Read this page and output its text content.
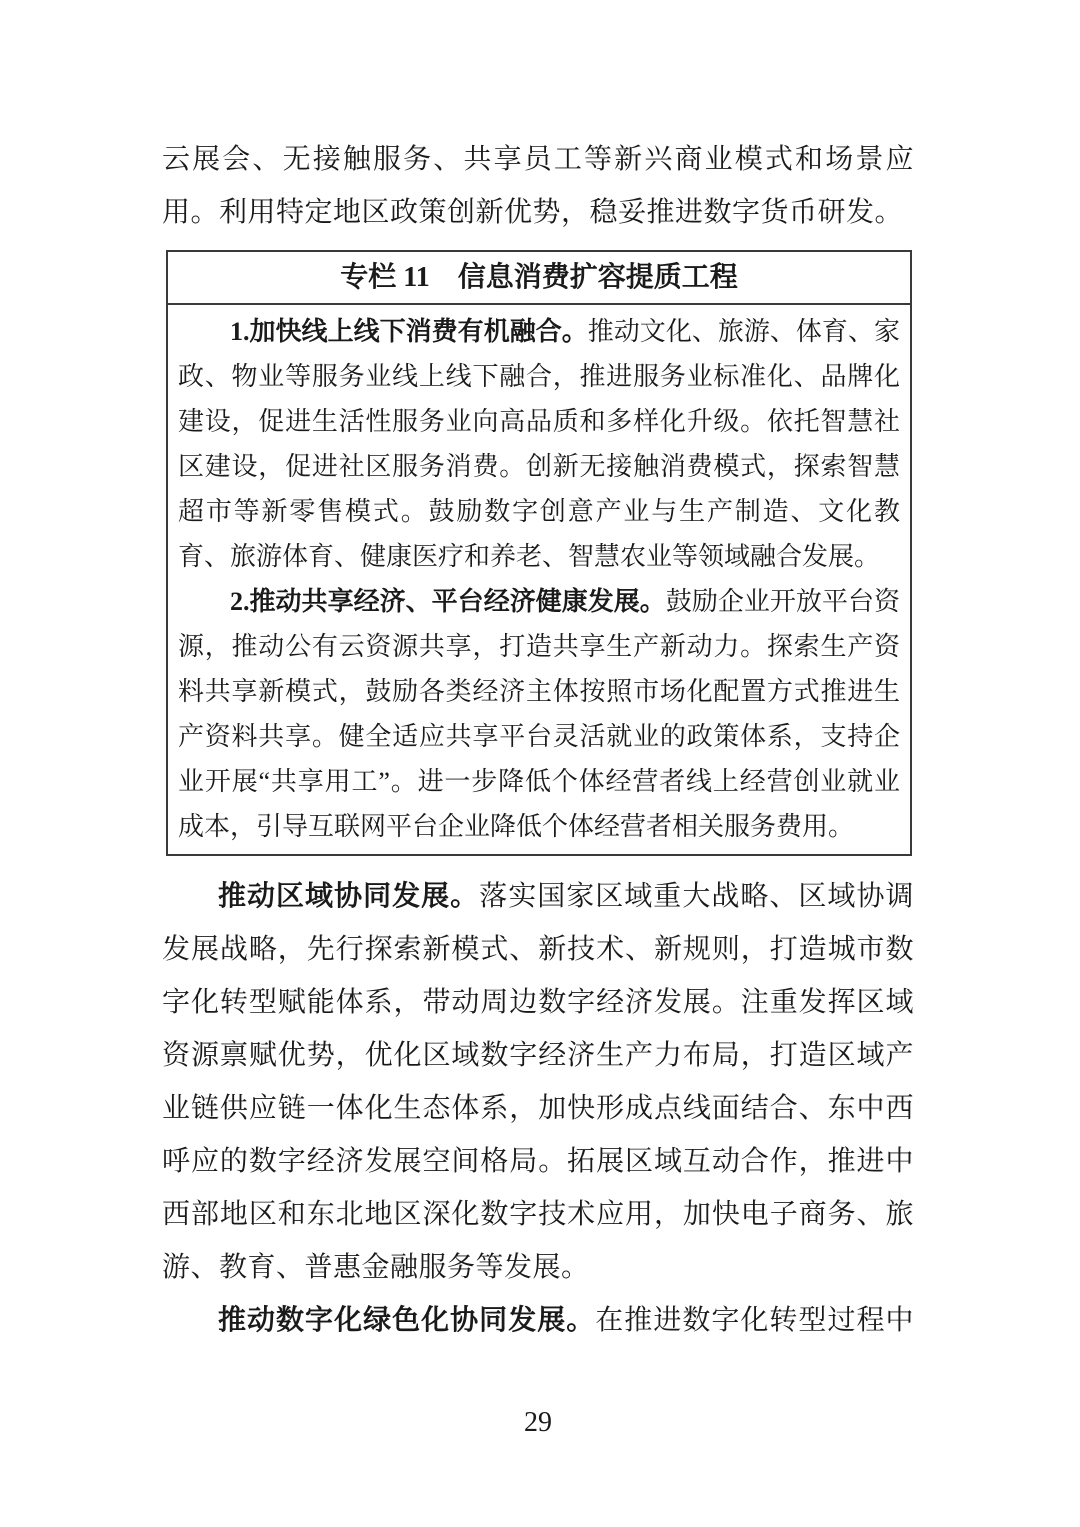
云展会、无接触服务、共享员工等新兴商业模式和场景应用。利用特定地区政策创新优势，稳妥推进数字货币研发。

专栏 11　信息消费扩容提质工程

1.加快线上线下消费有机融合。推动文化、旅游、体育、家政、物业等服务业线上线下融合，推进服务业标准化、品牌化建设，促进生活性服务业向高品质和多样化升级。依托智慧社区建设，促进社区服务消费。创新无接触消费模式，探索智慧超市等新零售模式。鼓励数字创意产业与生产制造、文化教育、旅游体育、健康医疗和养老、智慧农业等领域融合发展。

2.推动共享经济、平台经济健康发展。鼓励企业开放平台资源，推动公有云资源共享，打造共享生产新动力。探索生产资料共享新模式，鼓励各类经济主体按照市场化配置方式推进生产资料共享。健全适应共享平台灵活就业的政策体系，支持企业开展“共享用工”。进一步降低个体经营者线上经营创业就业成本，引导互联网平台企业降低个体经营者相关服务费用。

推动区域协同发展。落实国家区域重大战略、区域协调发展战略，先行探索新模式、新技术、新规则，打造城市数字化转型赋能体系，带动周边数字经济发展。注重发挥区域资源禀赋优势，优化区域数字经济生产力布局，打造区域产业链供应链一体化生态体系，加快形成点线面结合、东中西呼应的数字经济发展空间格局。拓展区域互动合作，推进中西部地区和东北地区深化数字技术应用，加快电子商务、旅游、教育、普惠金融服务等发展。

推动数字化绿色化协同发展。在推进数字化转型过程中

29
